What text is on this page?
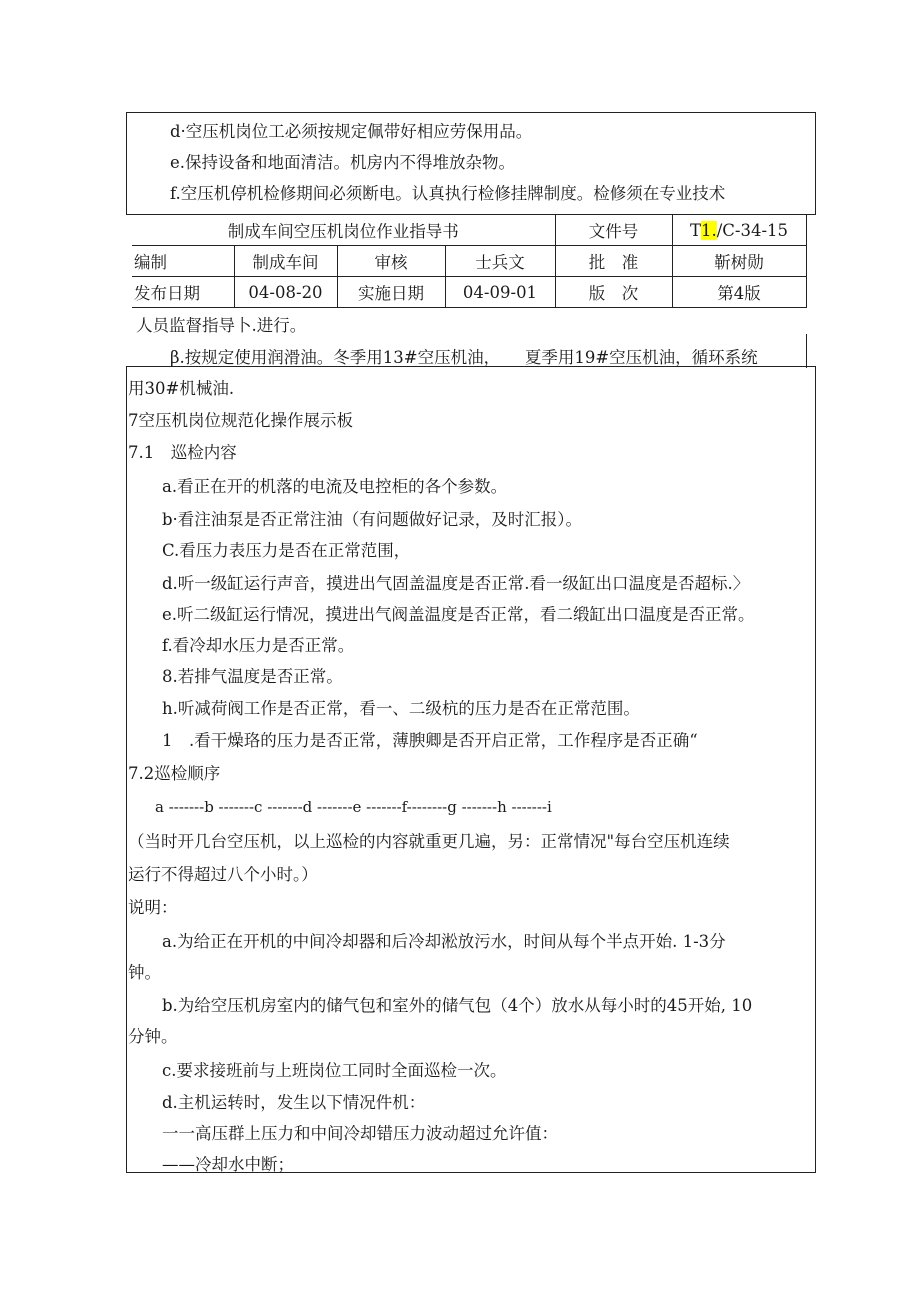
d·空压机岗位工必须按规定佩带好相应劳保用品。
e.保持设备和地面清洁。机房内不得堆放杂物。
f.空压机停机检修期间必须断电。认真执行检修挂牌制度。检修须在专业技术
制成车间空压机岗位作业指导书				文件号	T1./C-34-15
编制	制成车间	审核	士兵文	批　准	靳树勋
发布日期	04-08-20	实施日期	04-09-01	版　次	第4版
人员监督指导卜.进行。
β.按规定使用润滑油。冬季用13#空压机油，　　夏季用19#空压机油，循环系统
用30#机械油.
7空压机岗位规范化操作展示板
7.1　巡检内容
a.看正在开的机落的电流及电控柜的各个参数。
b·看注油泵是否正常注油（有问题做好记录，及时汇报）。
C.看压力表压力是否在正常范围，
d.听一级缸运行声音，摸进出气固盖温度是否正常.看一级缸出口温度是否超标.〉
e.听二级缸运行情况，摸进出气阀盖温度是否正常，看二缎缸出口温度是否正常。
f.看冷却水压力是否正常。
8.若排气温度是否正常。
h.听减荷阀工作是否正常，看一、二级杭的压力是否在正常范围。
1　.看干燥珞的压力是否正常，薄腴卿是否开启正常，工作程序是否正确“
7.2巡检顺序
a -------b -------c -------d -------e -------f--------g -------h -------i
（当时开几台空压机，以上巡检的内容就重更几遍，另：正常情况"每台空压机连续
运行不得超过八个小时。）
说明：
a.为给正在开机的中间冷却器和后冷却淞放污水，时间从每个半点开始. 1-3分
钟。
b.为给空压机房室内的储气包和室外的储气包（4个）放水从每小时的45开始, 10
分钟。
c.要求接班前与上班岗位工同时全面巡检一次。
d.主机运转时，发生以下情况件机：
一一高压群上压力和中间冷却错压力波动超过允许值：
——冷却水中断；
